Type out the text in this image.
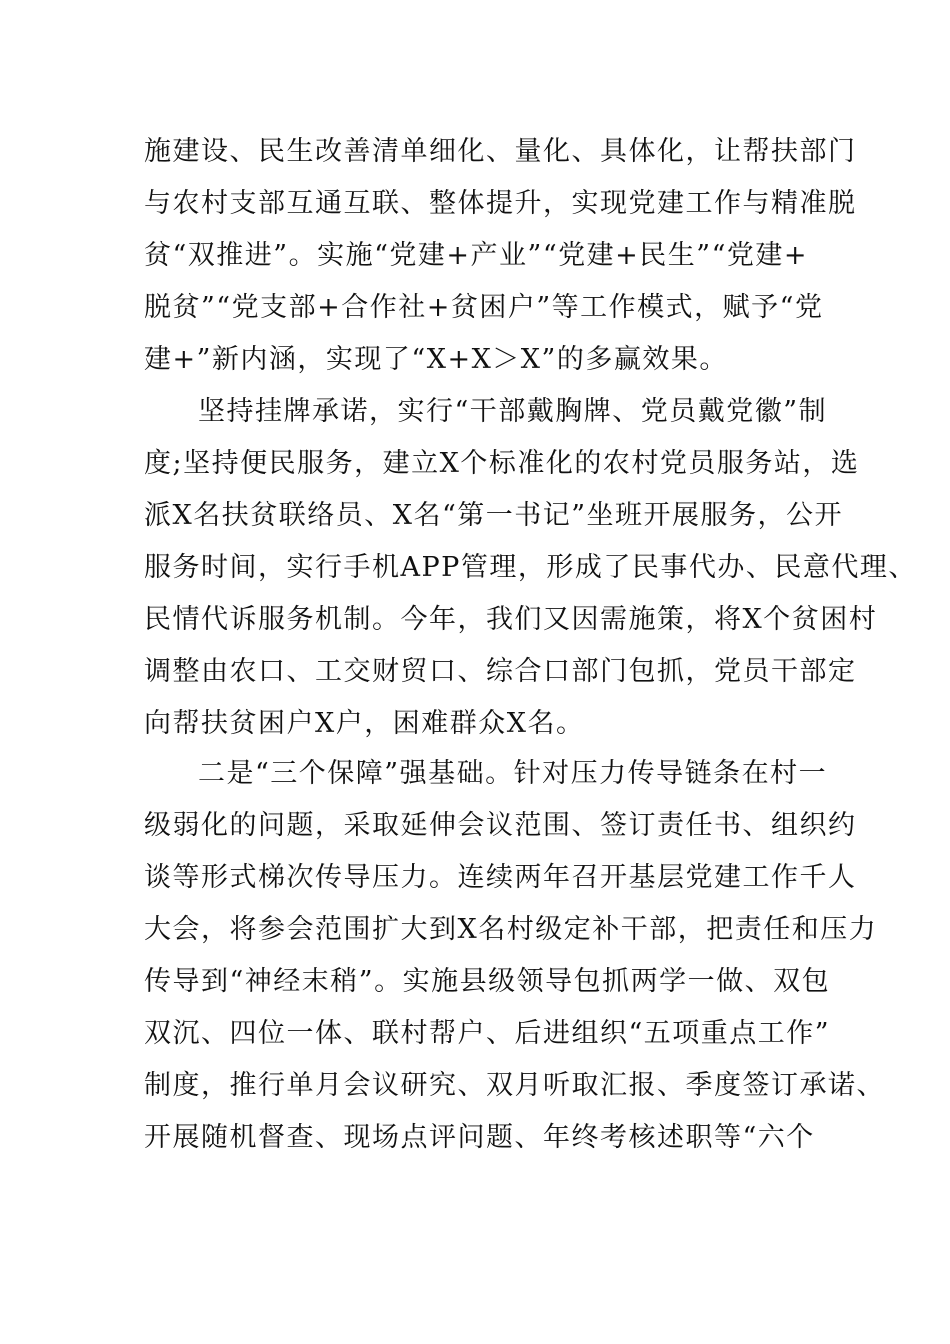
施建设、民生改善清单细化、量化、具体化，让帮扶部门
与农村支部互通互联、整体提升，实现党建工作与精准脱
贫“双推进”。实施“党建+产业”“党建+民生”“党建+
脱贫”“党支部+合作社+贫困户”等工作模式，赋予“党
建+”新内涵，实现了“X+X＞X”的多赢效果。
坚持挂牌承诺，实行“干部戴胸牌、党员戴党徽”制
度;坚持便民服务，建立X个标准化的农村党员服务站，选
派X名扶贫联络员、X名“第一书记”坐班开展服务，公开
服务时间，实行手机APP管理，形成了民事代办、民意代理、
民情代诉服务机制。今年，我们又因需施策，将X个贫困村
调整由农口、工交财贸口、综合口部门包抓，党员干部定
向帮扶贫困户X户，困难群众X名。
二是“三个保障”强基础。针对压力传导链条在村一
级弱化的问题，采取延伸会议范围、签订责任书、组织约
谈等形式梯次传导压力。连续两年召开基层党建工作千人
大会，将参会范围扩大到X名村级定补干部，把责任和压力
传导到“神经末稍”。实施县级领导包抓两学一做、双包
双沉、四位一体、联村帮户、后进组织“五项重点工作”
制度，推行单月会议研究、双月听取汇报、季度签订承诺、
开展随机督查、现场点评问题、年终考核述职等“六个
